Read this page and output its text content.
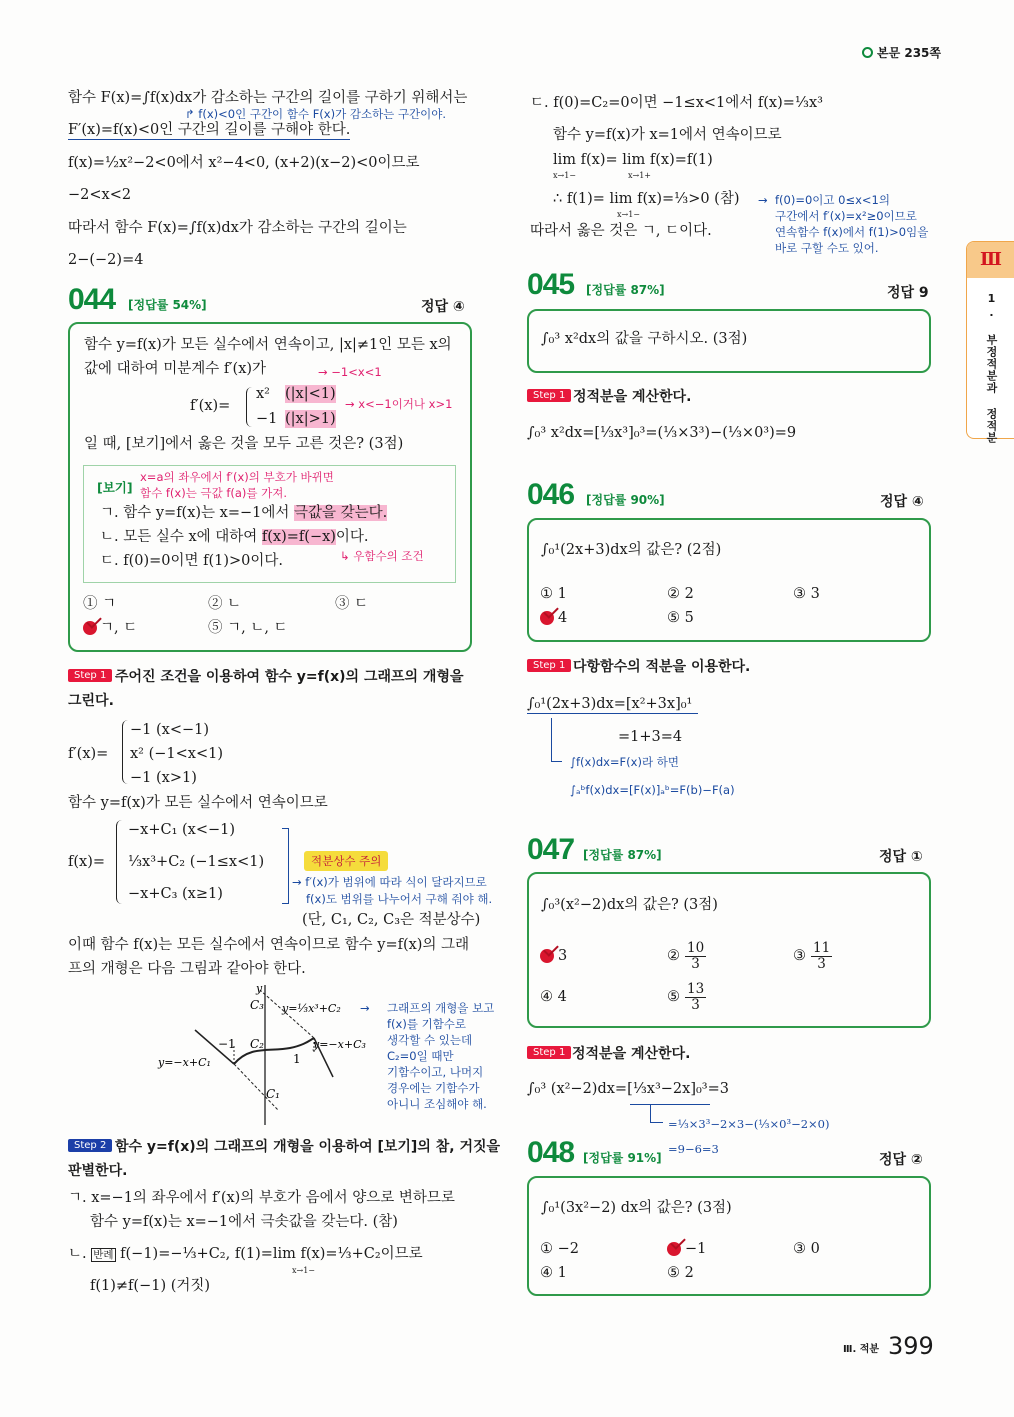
본문 235쪽
Ⅲ
1. 부정적분과 정적분
함수 F(x)=∫f(x)dx가 감소하는 구간의 길이를 구하기 위해서는
↱ f(x)<0인 구간이 함수 F(x)가 감소하는 구간이야.
F′(x)=f(x)<0인 구간의 길이를 구해야 한다.
f(x)=½x²−2<0에서 x²−4<0, (x+2)(x−2)<0이므로
−2<x<2
따라서 함수 F(x)=∫f(x)dx가 감소하는 구간의 길이는
2−(−2)=4
044 [정답률 54%]	정답 ④
함수 y=f(x)가 모든 실수에서 연속이고, |x|≠1인 모든 x의
값에 대하여 미분계수 f′(x)가
f′(x)=
x² (|x|<1)
−1 (|x|>1)
→ −1<x<1
→ x<−1이거나 x>1
일 때, [보기]에서 옳은 것을 모두 고른 것은? (3점)
[보기]
x=a의 좌우에서 f′(x)의 부호가 바뀌면
함수 f(x)는 극값 f(a)를 가져.
ㄱ. 함수 y=f(x)는 x=−1에서 극값을 갖는다.
ㄴ. 모든 실수 x에 대하여 f(x)=f(−x)이다.
ㄷ. f(0)=0이면 f(1)>0이다.	↳ 우함수의 조건
① ㄱ	② ㄴ	③ ㄷ
ㄱ, ㄷ	⑤ ㄱ, ㄴ, ㄷ
Step 1 주어진 조건을 이용하여 함수 y=f(x)의 그래프의 개형을
그린다.
f′(x)=
−1 (x<−1)
x² (−1<x<1)
−1 (x>1)
함수 y=f(x)가 모든 실수에서 연속이므로
f(x)=
−x+C₁ (x<−1)
⅓x³+C₂ (−1≤x<1)
−x+C₃ (x≥1)
적분상수 주의
→ f′(x)가 범위에 따라 식이 달라지므로
f(x)도 범위를 나누어서 구해 줘야 해.
(단, C₁, C₂, C₃은 적분상수)
이때 함수 f(x)는 모든 실수에서 연속이므로 함수 y=f(x)의 그래
프의 개형은 다음 그림과 같아야 한다.
y
C₃
C₂
C₁
−1
1
y=⅓x³+C₂
y=−x+C₃
y=−x+C₁
→ 그래프의 개형을 보고
f(x)를 기함수로
생각할 수 있는데
C₂=0일 때만
기함수이고, 나머지
경우에는 기함수가
아니니 조심해야 해.
Step 2 함수 y=f(x)의 그래프의 개형을 이용하여 [보기]의 참, 거짓을
판별한다.
ㄱ. x=−1의 좌우에서 f′(x)의 부호가 음에서 양으로 변하므로
함수 y=f(x)는 x=−1에서 극솟값을 갖는다. (참)
ㄴ. 반례 f(−1)=−⅓+C₂, f(1)=lim f(x)=⅓+C₂이므로
f(1)≠f(−1) (거짓)
ㄷ. f(0)=C₂=0이면 −1≤x<1에서 f(x)=⅓x³
함수 y=f(x)가 x=1에서 연속이므로
lim f(x)= lim f(x)=f(1)
x→1−	x→1+
∴ f(1)= lim f(x)=⅓>0 (참)
x→1−
x→1−
따라서 옳은 것은 ㄱ, ㄷ이다.
→ f(0)=0이고 0≤x<1의
구간에서 f′(x)=x²≥0이므로
연속함수 f(x)에서 f(1)>0임을
바로 구할 수도 있어.
045 [정답률 87%]	정답 9
∫₀³ x²dx의 값을 구하시오. (3점)
Step 1 정적분을 계산한다.
∫₀³ x²dx=[⅓x³]₀³=(⅓×3³)−(⅓×0³)=9
046 [정답률 90%]	정답 ④
∫₀¹(2x+3)dx의 값은? (2점)
① 1	② 2	③ 3
4	⑤ 5
Step 1 다항함수의 적분을 이용한다.
∫₀¹(2x+3)dx=[x²+3x]₀¹
=1+3=4
∫f(x)dx=F(x)라 하면
∫ₐᵇf(x)dx=[F(x)]ₐᵇ=F(b)−F(a)
047 [정답률 87%]	정답 ①
∫₀³(x²−2)dx의 값은? (3점)
3	② $\frac{10}{3}$	③ $\frac{11}{3}$
④ 4	⑤ $\frac{13}{3}$
Step 1 정적분을 계산한다.
∫₀³ (x²−2)dx=[⅓x³−2x]₀³=3
=⅓×3³−2×3−(⅓×0³−2×0)
=9−6=3
048 [정답률 91%]	정답 ②
∫₀¹(3x²−2) dx의 값은? (3점)
① −2	−1	③ 0
④ 1	⑤ 2
Ⅲ. 적분 399
